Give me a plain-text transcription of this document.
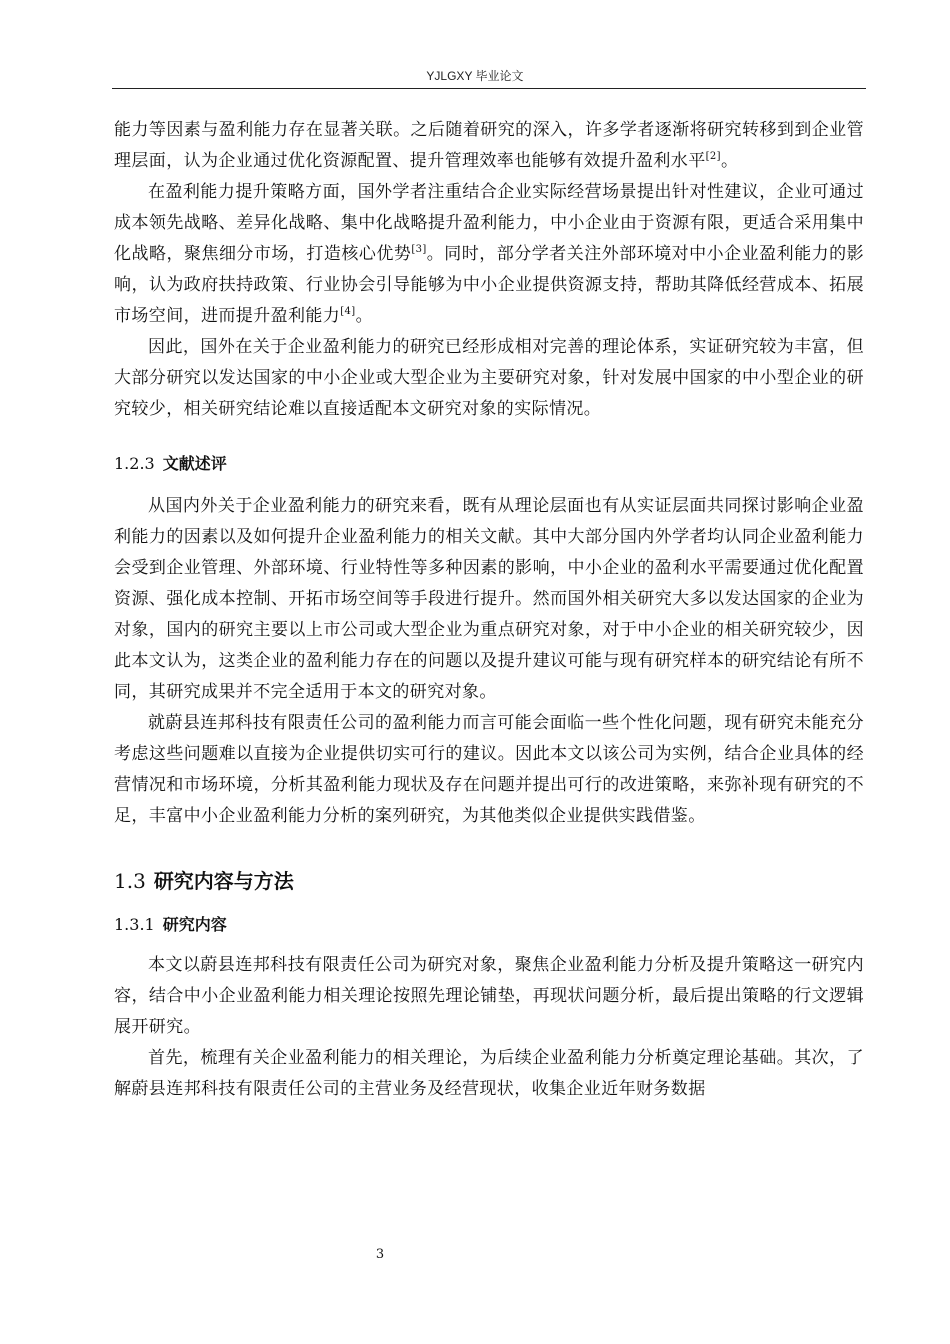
YJLGXY 毕业论文

能力等因素与盈利能力存在显著关联。之后随着研究的深入，许多学者逐渐将研究转移到到企业管理层面，认为企业通过优化资源配置、提升管理效率也能够有效提升盈利水平[2]。

在盈利能力提升策略方面，国外学者注重结合企业实际经营场景提出针对性建议，企业可通过成本领先战略、差异化战略、集中化战略提升盈利能力，中小企业由于资源有限，更适合采用集中化战略，聚焦细分市场，打造核心优势[3]。同时，部分学者关注外部环境对中小企业盈利能力的影响，认为政府扶持政策、行业协会引导能够为中小企业提供资源支持，帮助其降低经营成本、拓展市场空间，进而提升盈利能力[4]。

因此，国外在关于企业盈利能力的研究已经形成相对完善的理论体系，实证研究较为丰富，但大部分研究以发达国家的中小企业或大型企业为主要研究对象，针对发展中国家的中小型企业的研究较少，相关研究结论难以直接适配本文研究对象的实际情况。

1.2.3 文献述评

从国内外关于企业盈利能力的研究来看，既有从理论层面也有从实证层面共同探讨影响企业盈利能力的因素以及如何提升企业盈利能力的相关文献。其中大部分国内外学者均认同企业盈利能力会受到企业管理、外部环境、行业特性等多种因素的影响，中小企业的盈利水平需要通过优化配置资源、强化成本控制、开拓市场空间等手段进行提升。然而国外相关研究大多以发达国家的企业为对象，国内的研究主要以上市公司或大型企业为重点研究对象，对于中小企业的相关研究较少，因此本文认为，这类企业的盈利能力存在的问题以及提升建议可能与现有研究样本的研究结论有所不同，其研究成果并不完全适用于本文的研究对象。

就蔚县连邦科技有限责任公司的盈利能力而言可能会面临一些个性化问题，现有研究未能充分考虑这些问题难以直接为企业提供切实可行的建议。因此本文以该公司为实例，结合企业具体的经营情况和市场环境，分析其盈利能力现状及存在问题并提出可行的改进策略，来弥补现有研究的不足，丰富中小企业盈利能力分析的案列研究，为其他类似企业提供实践借鉴。

1.3 研究内容与方法
1.3.1 研究内容

本文以蔚县连邦科技有限责任公司为研究对象，聚焦企业盈利能力分析及提升策略这一研究内容，结合中小企业盈利能力相关理论按照先理论铺垫，再现状问题分析，最后提出策略的行文逻辑展开研究。

首先，梳理有关企业盈利能力的相关理论，为后续企业盈利能力分析奠定理论基础。其次，了解蔚县连邦科技有限责任公司的主营业务及经营现状，收集企业近年财务数据

3
